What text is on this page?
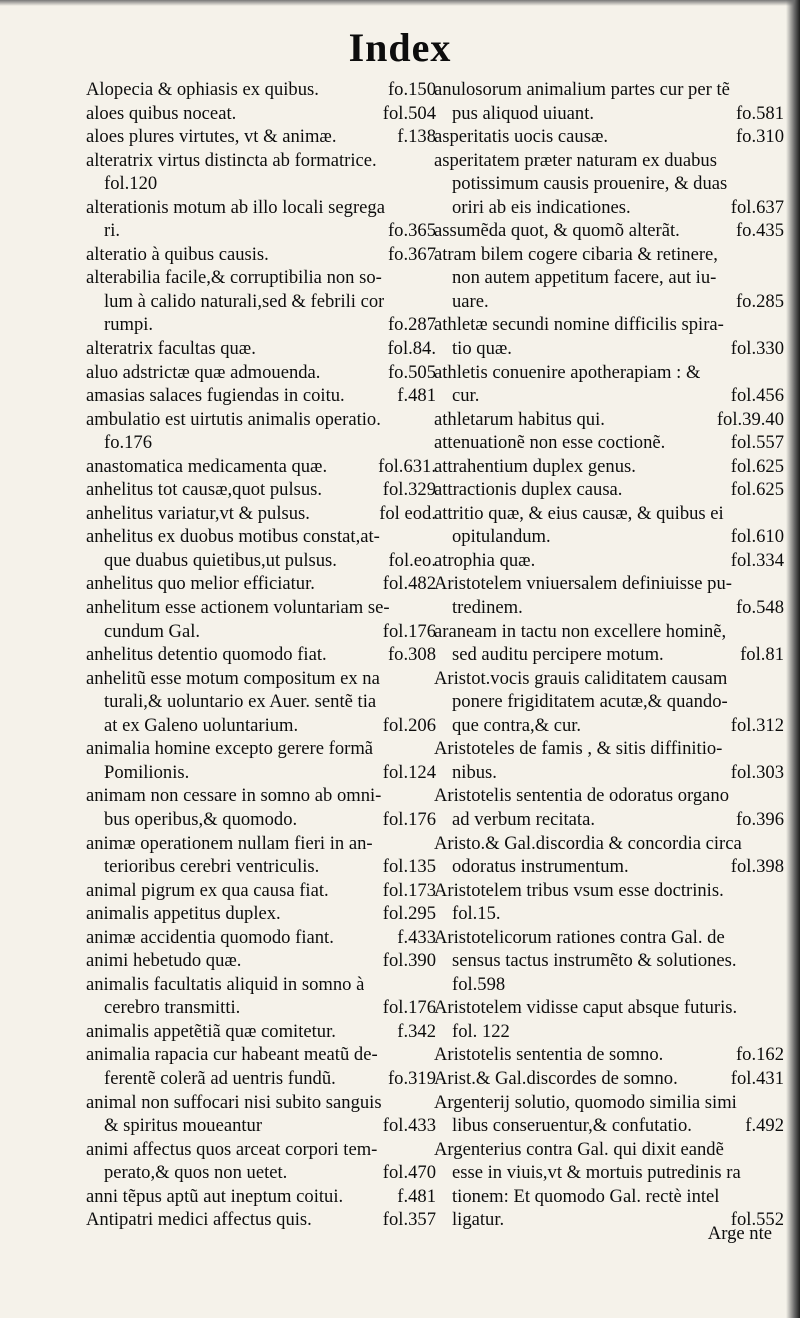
Index
Alopecia & ophiasis ex quibus.	fo.150
aloes quibus noceat.	fol.504
aloes plures virtutes, vt & animæ.	f.138
alteratrix virtus distincta ab formatrice.
fol.120
alterationis motum ab illo locali segrega
ri.	fo.365
alteratio à quibus causis.	fo.367
alterabilia facile,& corruptibilia non so-
lum à calido naturali,sed & febrili cor
rumpi.	fo.287
alteratrix facultas quæ.	fol.84.
aluo adstrictæ quæ admouenda.	fo.505
amasias salaces fugiendas in coitu.	f.481
ambulatio est uirtutis animalis operatio.
fo.176
anastomatica medicamenta quæ.	fol.631.
anhelitus tot causæ,quot pulsus.	fol.329
anhelitus variatur,vt & pulsus.	fol eod.
anhelitus ex duobus motibus constat,at-
que duabus quietibus,ut pulsus.	fol.eo.
anhelitus quo melior efficiatur.	fol.482
anhelitum esse actionem voluntariam se-
cundum Gal.	fol.176
anhelitus detentio quomodo fiat.	fo.308
anhelitũ esse motum compositum ex na
turali,& uoluntario ex Auer. sentẽ tia
at ex Galeno uoluntarium.	fol.206
animalia homine excepto gerere formã
Pomilionis.	fol.124
animam non cessare in somno ab omni-
bus operibus,& quomodo.	fol.176
animæ operationem nullam fieri in an-
terioribus cerebri ventriculis.	fol.135
animal pigrum ex qua causa fiat.	fol.173
animalis appetitus duplex.	fol.295
animæ accidentia quomodo fiant.	f.433
animi hebetudo quæ.	fol.390
animalis facultatis aliquid in somno à
cerebro transmitti.	fol.176
animalis appetẽtiã quæ comitetur.	f.342
animalia rapacia cur habeant meatũ de-
ferentẽ colerã ad uentris fundũ.	fo.319
animal non suffocari nisi subito sanguis
& spiritus moueantur	fol.433
animi affectus quos arceat corpori tem-
perato,& quos non uetet.	fol.470
anni tẽpus aptũ aut ineptum coitui.	f.481
Antipatri medici affectus quis.	fol.357
anulosorum animalium partes cur per tẽ
pus aliquod uiuant.	fo.581
asperitatis uocis causæ.	fo.310
asperitatem præter naturam ex duabus
potissimum causis prouenire, & duas
oriri ab eis indicationes.	fol.637
assumẽda quot, & quomõ alterãt.	fo.435
atram bilem cogere cibaria & retinere,
non autem appetitum facere, aut iu-
uare.	fo.285
athletæ secundi nomine difficilis spira-
tio quæ.	fol.330
athletis conuenire apotherapiam : &
cur.	fol.456
athletarum habitus qui.	fol.39.40
attenuationẽ non esse coctionẽ.	fol.557
attrahentium duplex genus.	fol.625
attractionis duplex causa.	fol.625
attritio quæ, & eius causæ, & quibus ei
opitulandum.	fol.610
atrophia quæ.	fol.334
Aristotelem vniuersalem definiuisse pu-
tredinem.	fo.548
araneam in tactu non excellere hominẽ,
sed auditu percipere motum.	fol.81
Aristot.vocis grauis caliditatem causam
ponere frigiditatem acutæ,& quando-
que contra,& cur.	fol.312
Aristoteles de famis , & sitis diffinitio-
nibus.	fol.303
Aristotelis sententia de odoratus organo
ad verbum recitata.	fo.396
Aristo.& Gal.discordia & concordia circa
odoratus instrumentum.	fol.398
Aristotelem tribus vsum esse doctrinis.
fol.15.
Aristotelicorum rationes contra Gal. de
sensus tactus instrumẽto & solutiones.
fol.598
Aristotelem vidisse caput absque futuris.
fol. 122
Aristotelis sententia de somno.	fo.162
Arist.& Gal.discordes de somno.	fol.431
Argenterij solutio, quomodo similia simi
libus conseruentur,& confutatio.	f.492
Argenterius contra Gal. qui dixit eandẽ
esse in viuis,vt & mortuis putredinis ra
tionem: Et quomodo Gal. rectè intel
ligatur.	fol.552
Arge nte
